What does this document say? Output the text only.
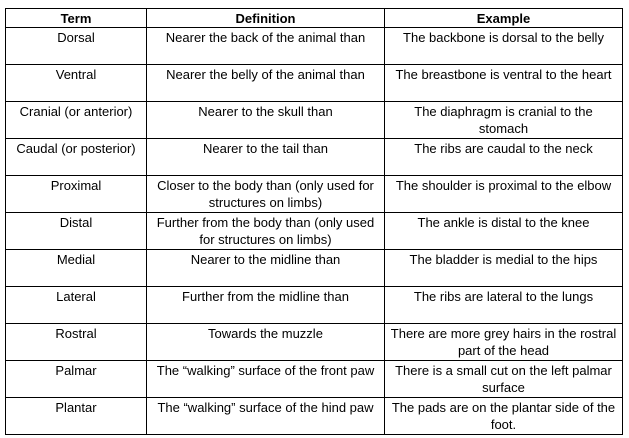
Term	Definition	Example
Dorsal	Nearer the back of the animal than	The backbone is dorsal to the belly
Ventral	Nearer the belly of the animal than	The breastbone is ventral to the heart
Cranial (or anterior)	Nearer to the skull than	The diaphragm is cranial to the stomach
Caudal (or posterior)	Nearer to the tail than	The ribs are caudal to the neck
Proximal	Closer to the body than (only used for structures on limbs)	The shoulder is proximal to the elbow
Distal	Further from the body than (only used for structures on limbs)	The ankle is distal to the knee
Medial	Nearer to the midline than	The bladder is medial to the hips
Lateral	Further from the midline than	The ribs are lateral to the lungs
Rostral	Towards the muzzle	There are more grey hairs in the rostral part of the head
Palmar	The “walking” surface of the front paw	There is a small cut on the left palmar surface
Plantar	The “walking” surface of the hind paw	The pads are on the plantar side of the foot.
